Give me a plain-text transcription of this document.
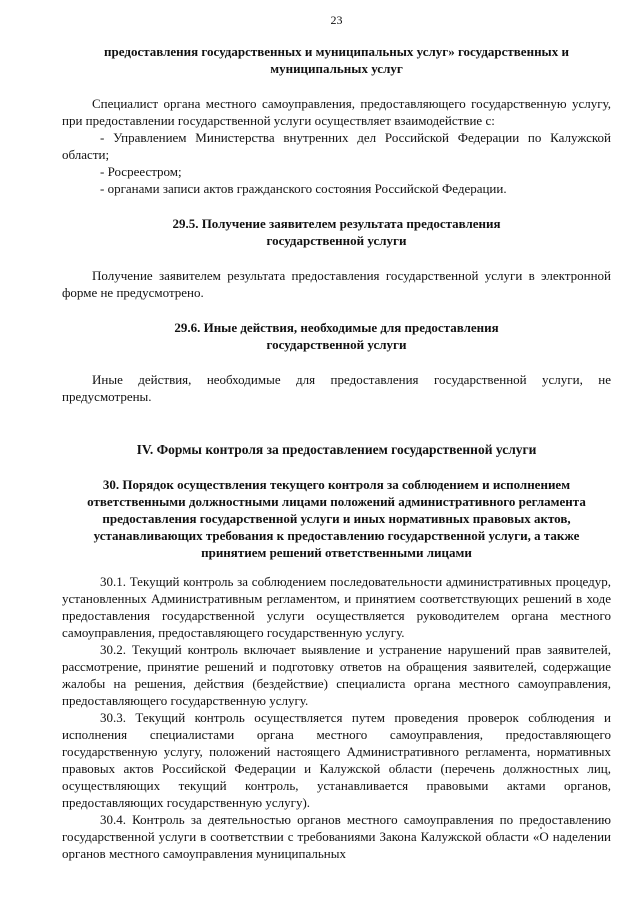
23

предоставления государственных и муниципальных услуг» государственных и муниципальных услуг

Специалист органа местного самоуправления, предоставляющего государственную услугу, при предоставлении государственной услуги осуществляет взаимодействие с:

- Управлением Министерства внутренних дел Российской Федерации по Калужской области;

- Росреестром;

- органами записи актов гражданского состояния Российской Федерации.

29.5. Получение заявителем результата предоставления государственной услуги

Получение заявителем результата предоставления государственной услуги в электронной форме не предусмотрено.

29.6. Иные действия, необходимые для предоставления государственной услуги

Иные действия, необходимые для предоставления государственной услуги, не предусмотрены.

IV. Формы контроля за предоставлением государственной услуги

30. Порядок осуществления текущего контроля за соблюдением и исполнением ответственными должностными лицами положений административного регламента предоставления государственной услуги и иных нормативных правовых актов, устанавливающих требования к предоставлению государственной услуги, а также принятием решений ответственными лицами

30.1. Текущий контроль за соблюдением последовательности административных процедур, установленных Административным регламентом, и принятием соответствующих решений в ходе предоставления государственной услуги осуществляется руководителем органа местного самоуправления, предоставляющего государственную услугу.

30.2. Текущий контроль включает выявление и устранение нарушений прав заявителей, рассмотрение, принятие решений и подготовку ответов на обращения заявителей, содержащие жалобы на решения, действия (бездействие) специалиста органа местного самоуправления, предоставляющего государственную услугу.

30.3. Текущий контроль осуществляется путем проведения проверок соблюдения и исполнения специалистами органа местного самоуправления, предоставляющего государственную услугу, положений настоящего Административного регламента, нормативных правовых актов Российской Федерации и Калужской области (перечень должностных лиц, осуществляющих текущий контроль, устанавливается правовыми актами органов, предоставляющих государственную услугу).

30.4. Контроль за деятельностью органов местного самоуправления по предоставлению государственной услуги в соответствии с требованиями Закона Калужской области «О наделении органов местного самоуправления муниципальных
